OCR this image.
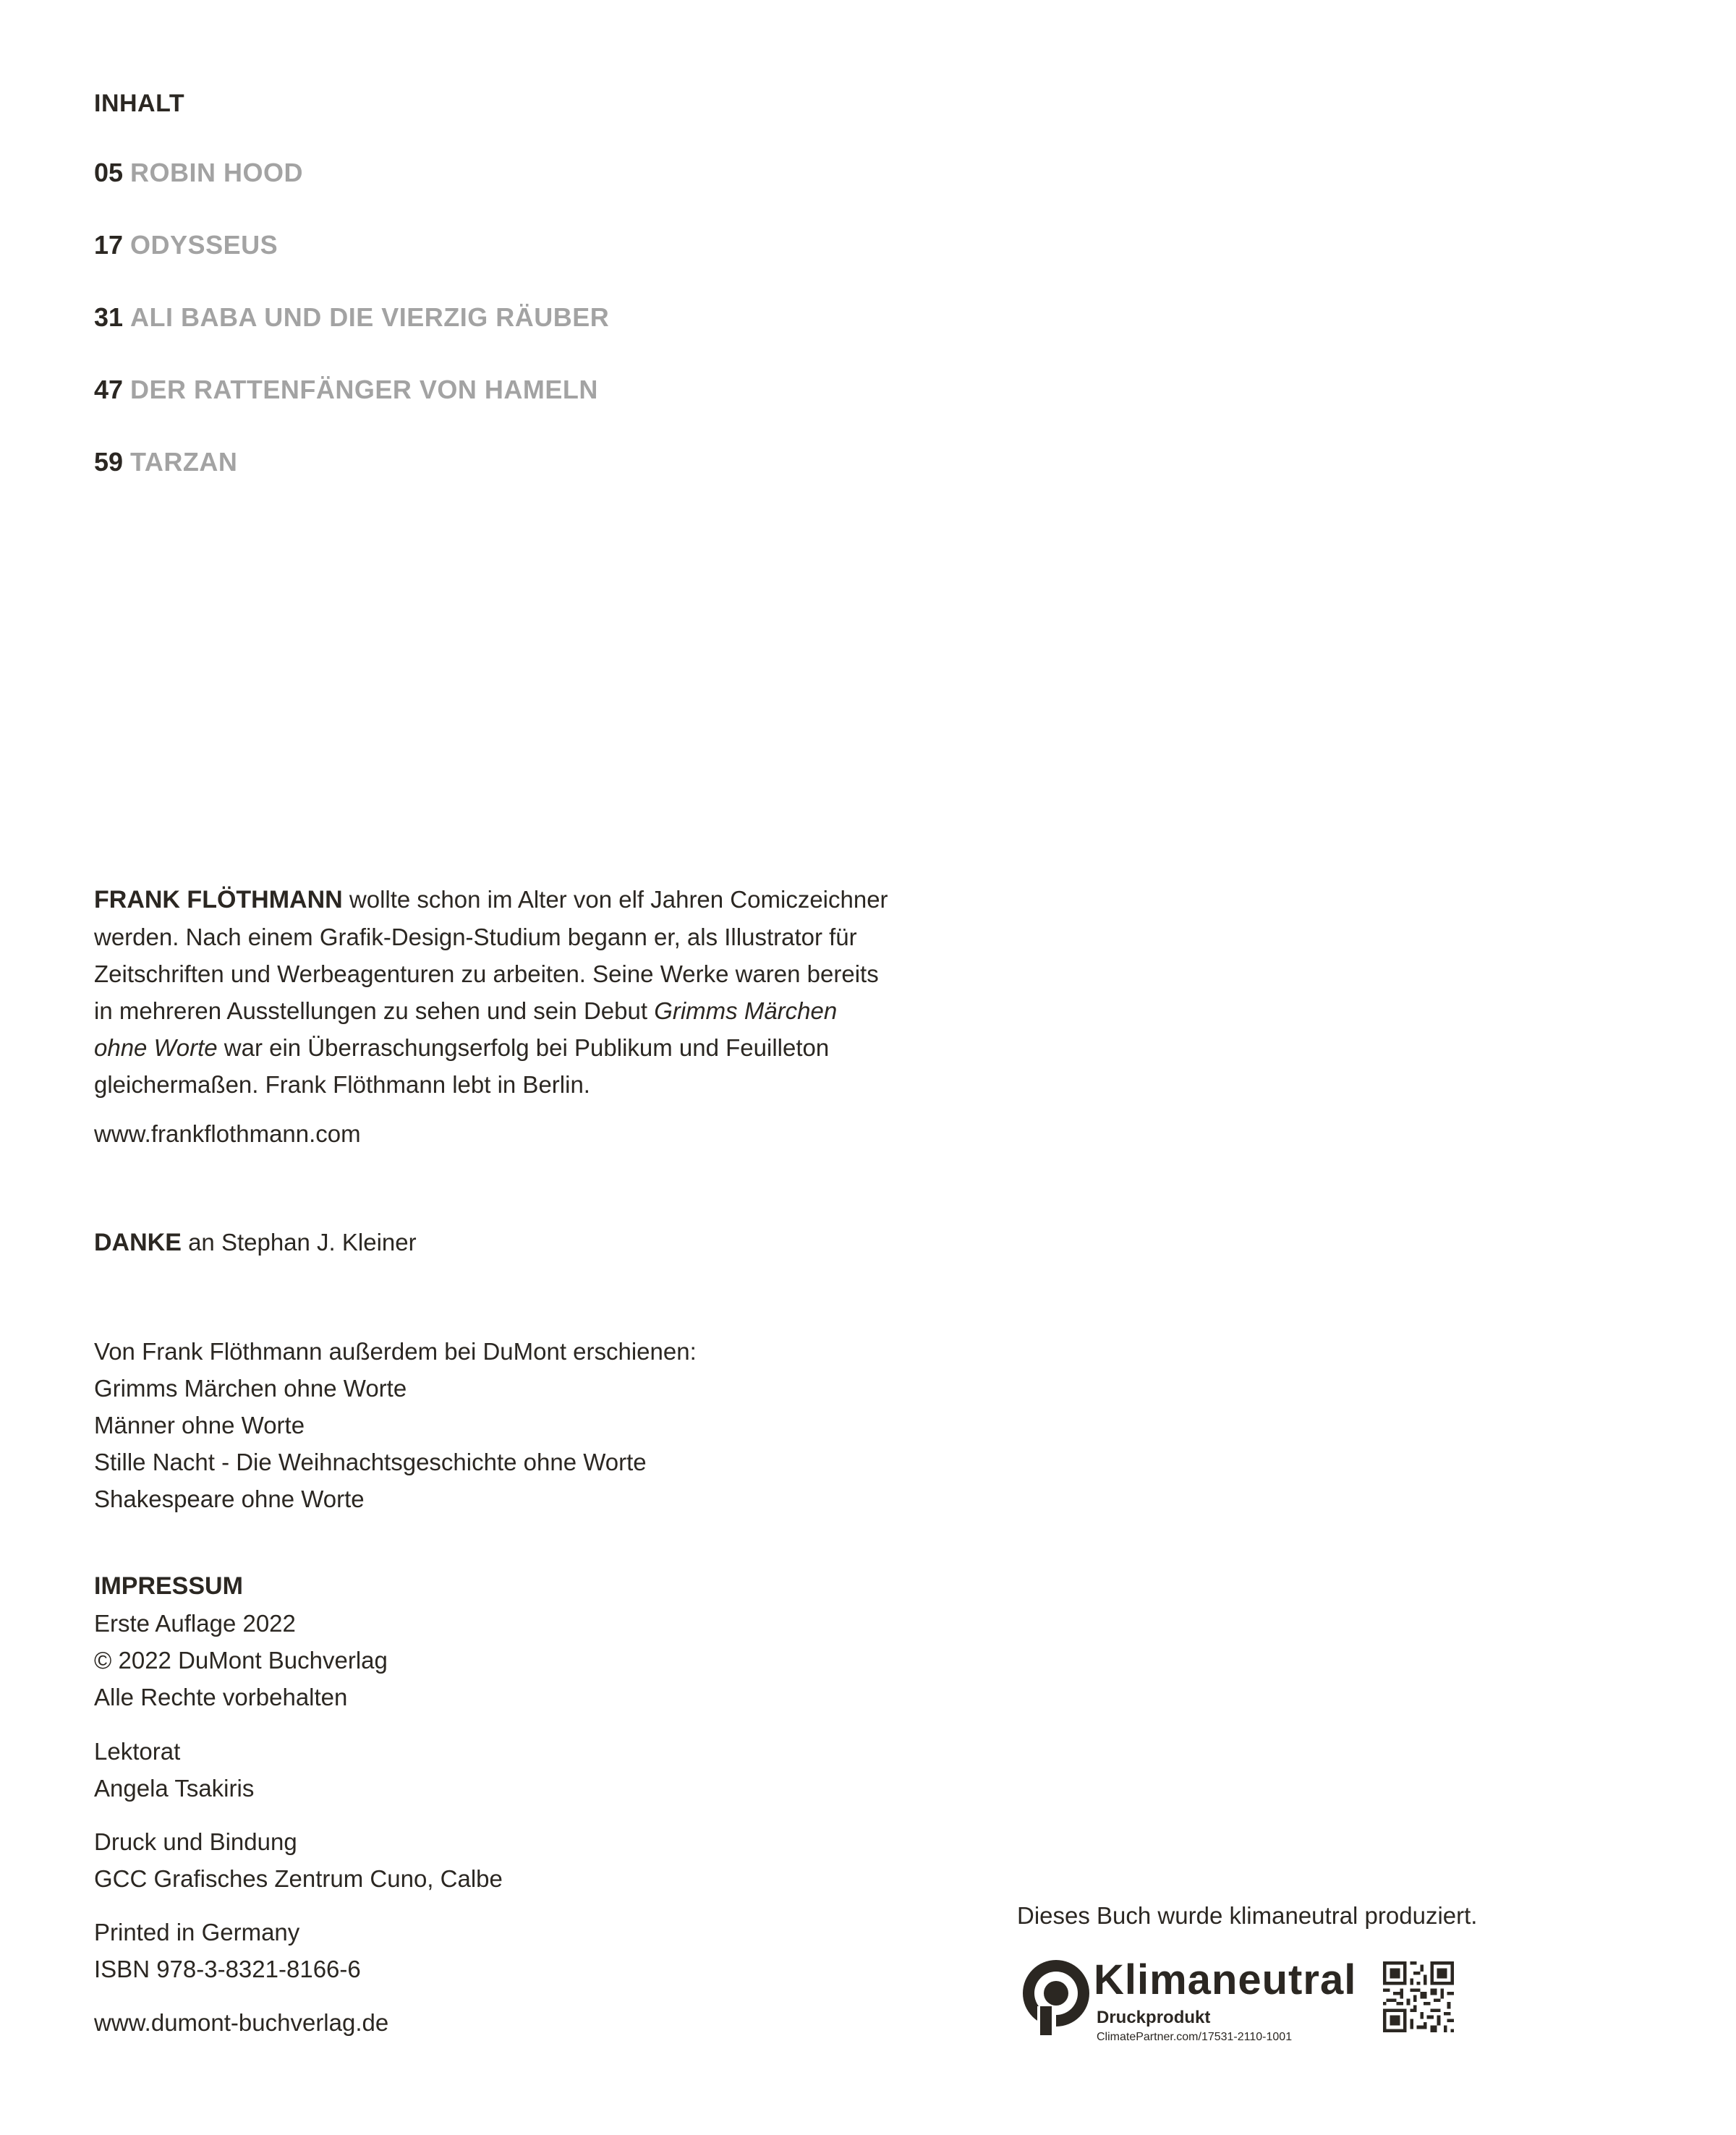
INHALT
05 ROBIN HOOD
17 ODYSSEUS
31 ALI BABA UND DIE VIERZIG RÄUBER
47 DER RATTENFÄNGER VON HAMELN
59 TARZAN
FRANK FLÖTHMANN wollte schon im Alter von elf Jahren Comiczeichner werden. Nach einem Grafik-Design-Studium begann er, als Illustrator für Zeitschriften und Werbeagenturen zu arbeiten. Seine Werke waren bereits in mehreren Ausstellungen zu sehen und sein Debut Grimms Märchen ohne Worte war ein Überraschungserfolg bei Publikum und Feuilleton gleichermaßen. Frank Flöthmann lebt in Berlin.
www.frankflothmann.com
DANKE an Stephan J. Kleiner
Von Frank Flöthmann außerdem bei DuMont erschienen:
Grimms Märchen ohne Worte
Männer ohne Worte
Stille Nacht - Die Weihnachtsgeschichte ohne Worte
Shakespeare ohne Worte
IMPRESSUM
Erste Auflage 2022
© 2022 DuMont Buchverlag
Alle Rechte vorbehalten
Lektorat
Angela Tsakiris
Druck und Bindung
GCC Grafisches Zentrum Cuno, Calbe
Printed in Germany
ISBN 978-3-8321-8166-6
www.dumont-buchverlag.de
Dieses Buch wurde klimaneutral produziert.
Klimaneutral
Druckprodukt
ClimatePartner.com/17531-2110-1001
